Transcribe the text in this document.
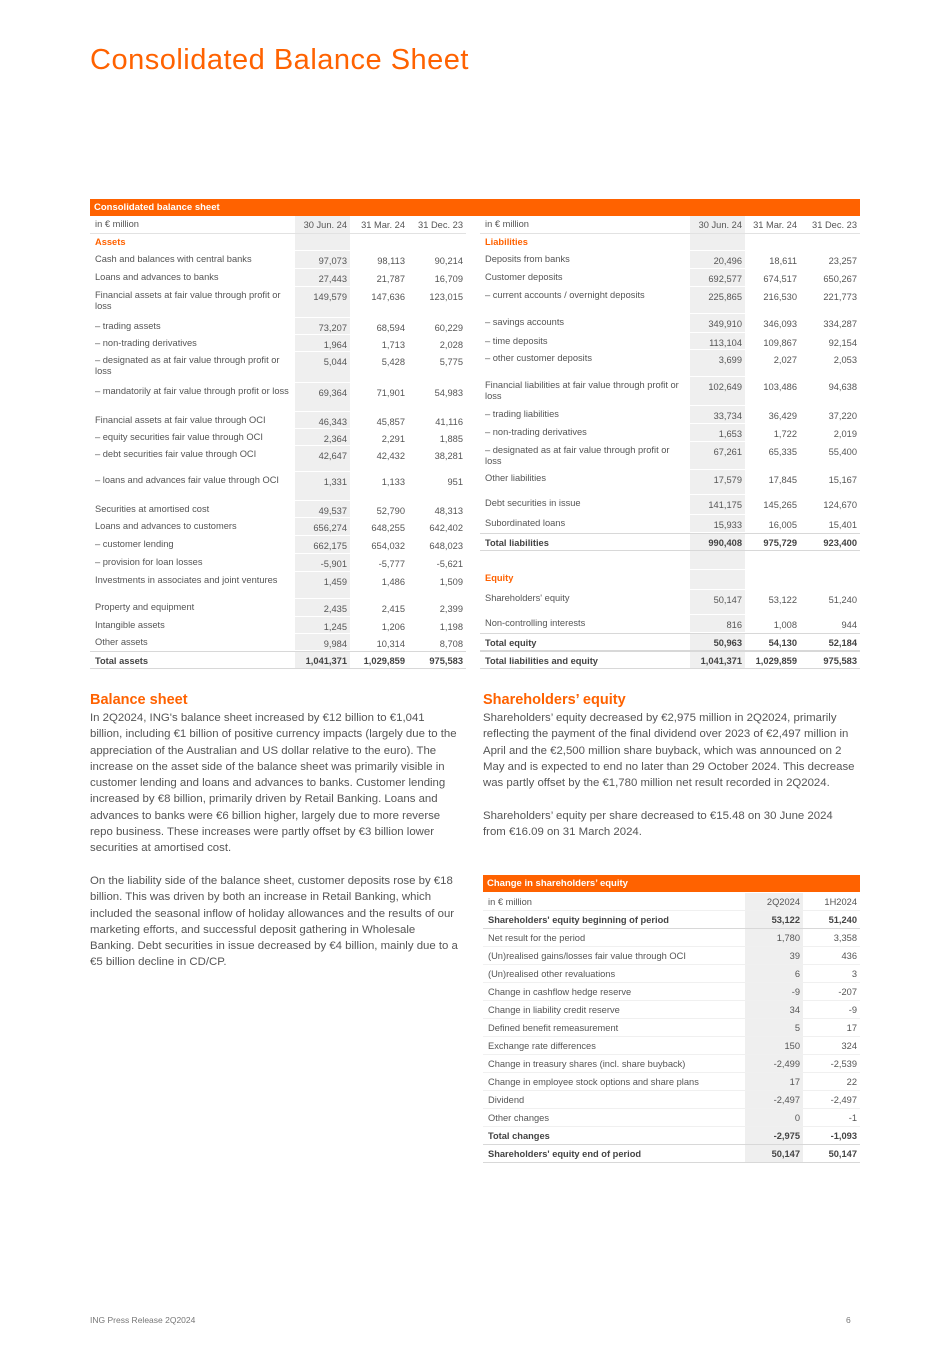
Consolidated Balance Sheet
Consolidated balance sheet
in € million	30 Jun. 24	31 Mar. 24	31 Dec. 23
Assets
Cash and balances with central banks	97,073	98,113	90,214
Loans and advances to banks	27,443	21,787	16,709
Financial assets at fair value through profit or loss
149,579	147,636	123,015
– trading assets	73,207	68,594	60,229
– non-trading derivatives	1,964	1,713	2,028
– designated as at fair value through profit or loss
5,044	5,428	5,775
– mandatorily at fair value through profit or loss	69,364	71,901	54,983
Financial assets at fair value through OCI	46,343	45,857	41,116
– equity securities fair value through OCI	2,364	2,291	1,885
– debt securities fair value through OCI	42,647	42,432	38,281
– loans and advances fair value through OCI	1,331	1,133	951
Securities at amortised cost	49,537	52,790	48,313
Loans and advances to customers	656,274	648,255	642,402
– customer lending	662,175	654,032	648,023
– provision for loan losses	-5,901	-5,777	-5,621
Investments in associates and joint ventures	1,459	1,486	1,509
Property and equipment	2,435	2,415	2,399
Intangible assets	1,245	1,206	1,198
Other assets	9,984	10,314	8,708
Total assets	1,041,371	1,029,859	975,583
in € million	30 Jun. 24	31 Mar. 24	31 Dec. 23
Liabilities
Deposits from banks	20,496	18,611	23,257
Customer deposits	692,577	674,517	650,267
– current accounts / overnight deposits	225,865	216,530	221,773
– savings accounts	349,910	346,093	334,287
– time deposits	113,104	109,867	92,154
– other customer deposits	3,699	2,027	2,053
Financial liabilities at fair value through profit or loss
102,649	103,486	94,638
– trading liabilities	33,734	36,429	37,220
– non-trading derivatives	1,653	1,722	2,019
– designated as at fair value through profit or loss
67,261	65,335	55,400
Other liabilities	17,579	17,845	15,167
Debt securities in issue	141,175	145,265	124,670
Subordinated loans	15,933	16,005	15,401
Total liabilities	990,408	975,729	923,400
Equity
Shareholders' equity	50,147	53,122	51,240
Non-controlling interests	816	1,008	944
Total equity	50,963	54,130	52,184
Total liabilities and equity	1,041,371	1,029,859	975,583
Balance sheet

In 2Q2024, ING's balance sheet increased by €12 billion to €1,041 billion, including €1 billion of positive currency impacts (largely due to the appreciation of the Australian and US dollar relative to the euro). The increase on the asset side of the balance sheet was primarily visible in customer lending and loans and advances to banks. Customer lending increased by €8 billion, primarily driven by Retail Banking. Loans and advances to banks were €6 billion higher, largely due to more reverse repo business. These increases were partly offset by €3 billion lower securities at amortised cost.

On the liability side of the balance sheet, customer deposits rose by €18 billion. This was driven by both an increase in Retail Banking, which included the seasonal inflow of holiday allowances and the results of our marketing efforts, and successful deposit gathering in Wholesale Banking. Debt securities in issue decreased by €4 billion, mainly due to a €5 billion decline in CD/CP.

Shareholders’ equity

Shareholders’ equity decreased by €2,975 million in 2Q2024, primarily reflecting the payment of the final dividend over 2023 of €2,497 million in April and the €2,500 million share buyback, which was announced on 2 May and is expected to end no later than 29 October 2024. This decrease was partly offset by the €1,780 million net result recorded in 2Q2024.

Shareholders’ equity per share decreased to €15.48 on 30 June 2024 from €16.09 on 31 March 2024.

Change in shareholders’ equity
in € million	2Q2024	1H2024
Shareholders' equity beginning of period	53,122	51,240
Net result for the period	1,780	3,358
(Un)realised gains/losses fair value through OCI	39	436
(Un)realised other revaluations	6	3
Change in cashflow hedge reserve	-9	-207
Change in liability credit reserve	34	-9
Defined benefit remeasurement	5	17
Exchange rate differences	150	324
Change in treasury shares (incl. share buyback)	-2,499	-2,539
Change in employee stock options and share plans	17	22
Dividend	-2,497	-2,497
Other changes	0	-1
Total changes	-2,975	-1,093
Shareholders' equity end of period	50,147	50,147
ING Press Release 2Q2024	6
